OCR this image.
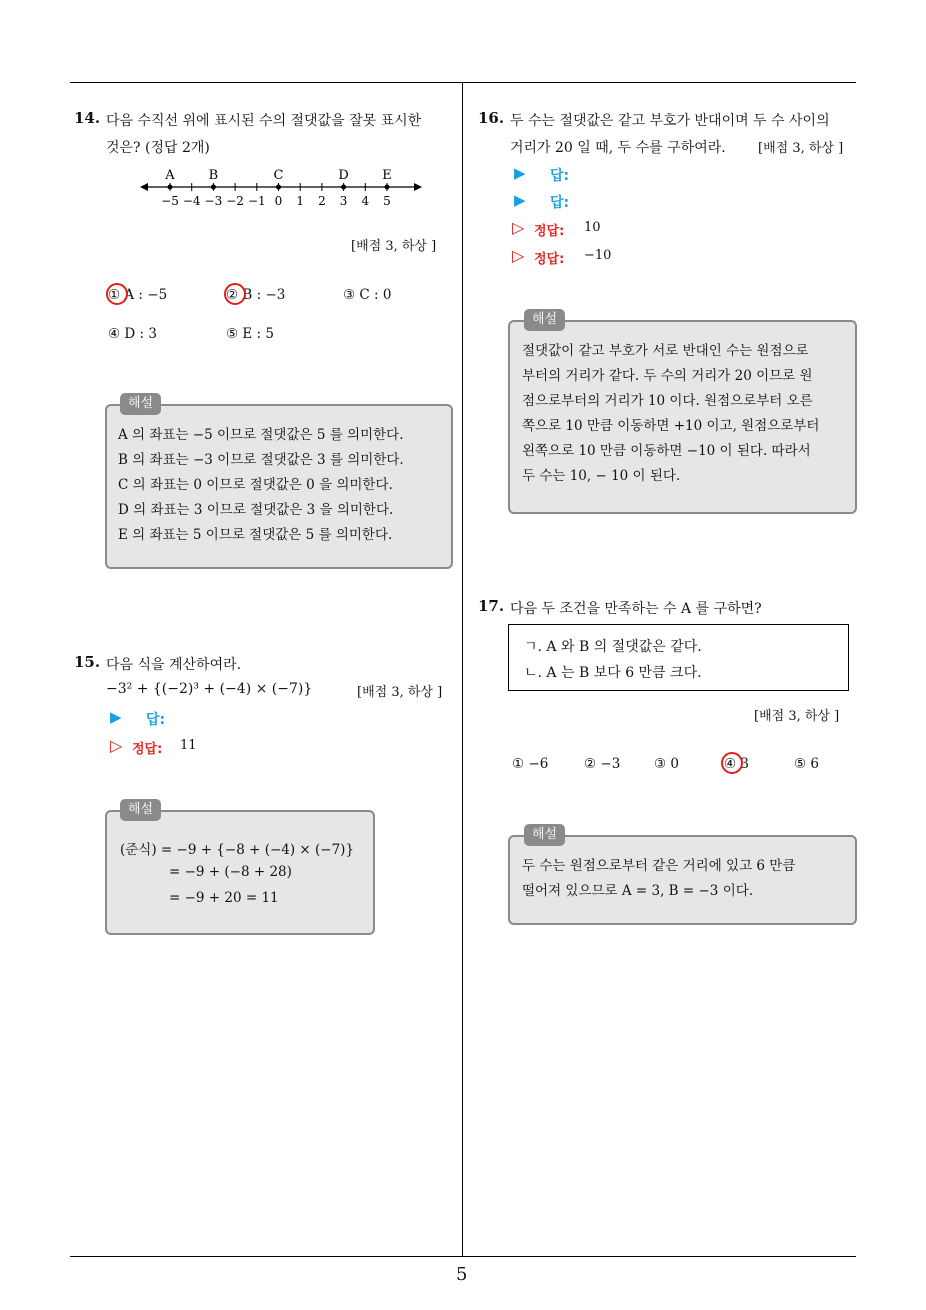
5
14. 다음 수직선 위에 표시된 수의 절댓값을 잘못 표시한
것은? (정답 2개)
−5 −4 −3 −2 −1 0 1 2 3 4 5
A	B	C	D	E
[배점 3, 하상 ]
① A : −5	② B : −3	③ C : 0
④ D : 3	⑤ E : 5
해설
A 의 좌표는 −5 이므로 절댓값은 5 를 의미한다.
B 의 좌표는 −3 이므로 절댓값은 3 를 의미한다.
C 의 좌표는 0 이므로 절댓값은 0 을 의미한다.
D 의 좌표는 3 이므로 절댓값은 3 을 의미한다.
E 의 좌표는 5 이므로 절댓값은 5 를 의미한다.
15. 다음 식을 계산하여라.
−3² + {(−2)³ + (−4) × (−7)}	[배점 3, 하상 ]
▶ 답:
▷ 정답: 11
해설
(준식) = −9 + {−8 + (−4) × (−7)}
= −9 + (−8 + 28)
= −9 + 20 = 11
16. 두 수는 절댓값은 같고 부호가 반대이며 두 수 사이의
거리가 20 일 때, 두 수를 구하여라. [배점 3, 하상 ]
▶ 답:
▶ 답:
▷ 정답: 10
▷ 정답: −10
해설
절댓값이 같고 부호가 서로 반대인 수는 원점으로
부터의 거리가 같다. 두 수의 거리가 20 이므로 원
점으로부터의 거리가 10 이다. 원점으로부터 오른
쪽으로 10 만큼 이동하면 +10 이고, 원점으로부터
왼쪽으로 10 만큼 이동하면 −10 이 된다. 따라서
두 수는 10, − 10 이 된다.
17. 다음 두 조건을 만족하는 수 A 를 구하면?
ㄱ. A 와 B 의 절댓값은 같다.
ㄴ. A 는 B 보다 6 만큼 크다.
[배점 3, 하상 ]
① −6	② −3 ③ 0	④ 3	⑤ 6
해설
두 수는 원점으로부터 같은 거리에 있고 6 만큼
떨어져 있으므로 A = 3, B = −3 이다.
